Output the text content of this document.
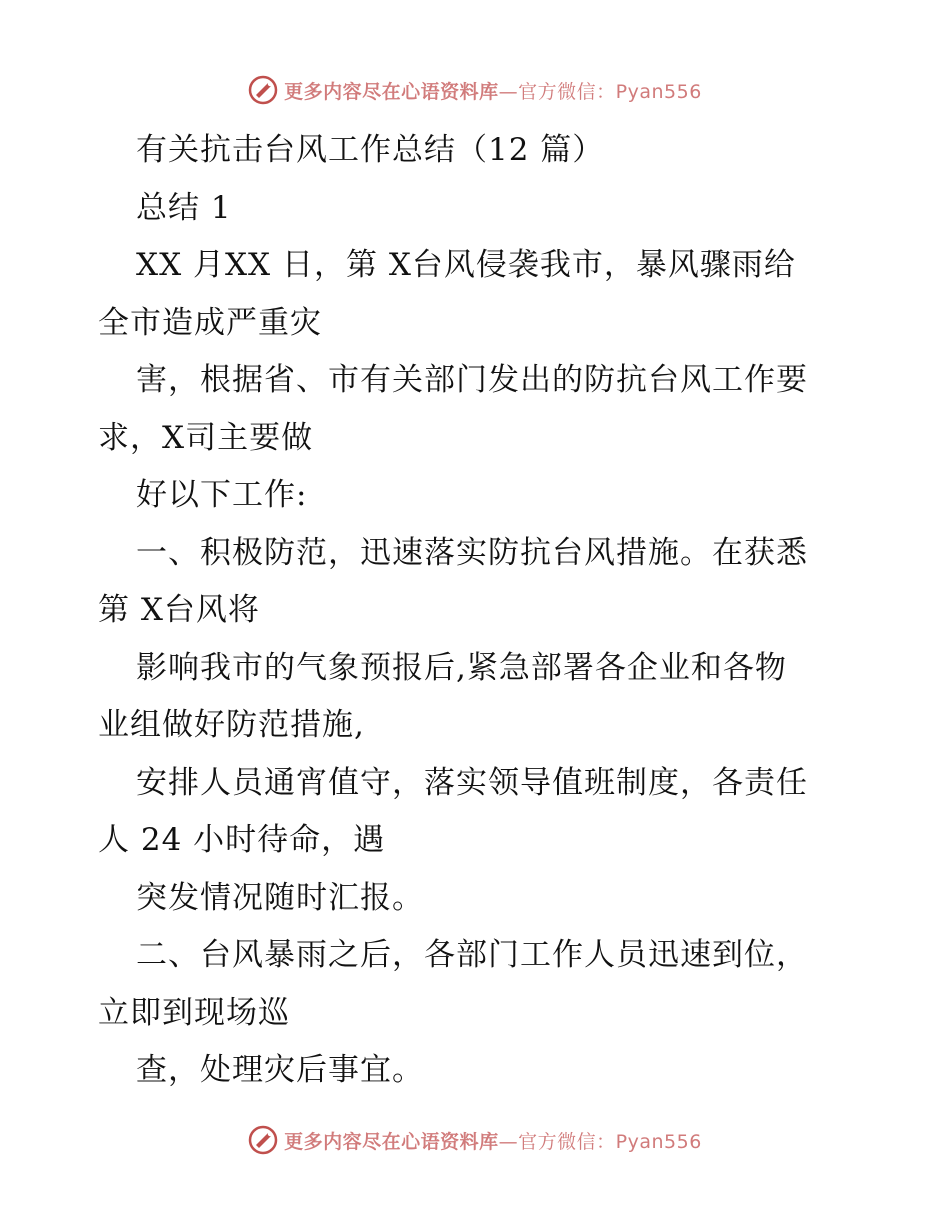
更多内容尽在心语资料库—官方微信：Pyan556
有关抗击台风工作总结（12 篇）
总结 1
XX 月XX 日，第 X台风侵袭我市，暴风骤雨给
全市造成严重灾
害，根据省、市有关部门发出的防抗台风工作要
求，X司主要做
好以下工作:
一、积极防范，迅速落实防抗台风措施。在获悉
第 X台风将
影响我市的气象预报后,紧急部署各企业和各物
业组做好防范措施,
安排人员通宵值守，落实领导值班制度，各责任
人 24 小时待命，遇
突发情况随时汇报。
二、台风暴雨之后，各部门工作人员迅速到位，
立即到现场巡
查，处理灾后事宜。
更多内容尽在心语资料库—官方微信：Pyan556
